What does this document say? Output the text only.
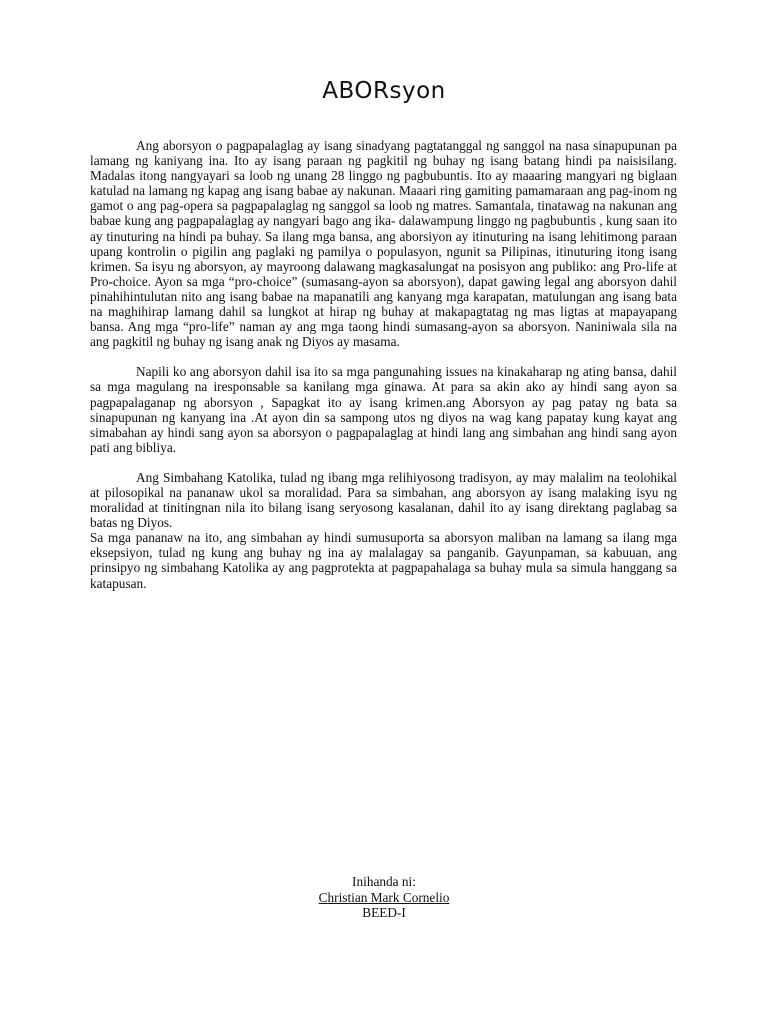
ABORsyon

Ang aborsyon o pagpapalaglag ay isang sinadyang pagtatanggal ng sanggol na nasa sinapupunan pa lamang ng kaniyang ina. Ito ay isang paraan ng pagkitil ng buhay ng isang batang hindi pa naisisilang. Madalas itong nangyayari sa loob ng unang 28 linggo ng pagbubuntis. Ito ay maaaring mangyari ng biglaan katulad na lamang ng kapag ang isang babae ay nakunan. Maaari ring gamiting pamamaraan ang pag-inom ng gamot o ang pag-opera sa pagpapalaglag ng sanggol sa loob ng matres. Samantala, tinatawag na nakunan ang babae kung ang pagpapalaglag ay nangyari bago ang ika- dalawampung linggo ng pagbubuntis , kung saan ito ay tinuturing na hindi pa buhay. Sa ilang mga bansa, ang aborsiyon ay itinuturing na isang lehitimong paraan upang kontrolin o pigilin ang paglaki ng pamilya o populasyon, ngunit sa Pilipinas, itinuturing itong isang krimen. Sa isyu ng aborsyon, ay mayroong dalawang magkasalungat na posisyon ang publiko: ang Pro-life at Pro-choice. Ayon sa mga “pro-choice” (sumasang-ayon sa aborsyon), dapat gawing legal ang aborsyon dahil pinahihintulutan nito ang isang babae na mapanatili ang kanyang mga karapatan, matulungan ang isang bata na maghihirap lamang dahil sa lungkot at hirap ng buhay at makapagtatag ng mas ligtas at mapayapang bansa. Ang mga “pro-life” naman ay ang mga taong hindi sumasang-ayon sa aborsyon. Naniniwala sila na ang pagkitil ng buhay ng isang anak ng Diyos ay masama.

Napili ko ang aborsyon dahil isa ito sa mga pangunahing issues na kinakaharap ng ating bansa, dahil sa mga magulang na iresponsable sa kanilang mga ginawa. At para sa akin ako ay hindi sang ayon sa pagpapalaganap ng aborsyon , Sapagkat ito ay isang krimen.ang Aborsyon ay pag patay ng bata sa sinapupunan ng kanyang ina .At ayon din sa sampong utos ng diyos na wag kang papatay kung kayat ang simabahan ay hindi sang ayon sa aborsyon o pagpapalaglag at hindi lang ang simbahan ang hindi sang ayon pati ang bibliya.

Ang Simbahang Katolika, tulad ng ibang mga relihiyosong tradisyon, ay may malalim na teolohikal at pilosopikal na pananaw ukol sa moralidad. Para sa simbahan, ang aborsyon ay isang malaking isyu ng moralidad at tinitingnan nila ito bilang isang seryosong kasalanan, dahil ito ay isang direktang paglabag sa batas ng Diyos.

Sa mga pananaw na ito, ang simbahan ay hindi sumusuporta sa aborsyon maliban na lamang sa ilang mga eksepsiyon, tulad ng kung ang buhay ng ina ay malalagay sa panganib. Gayunpaman, sa kabuuan, ang prinsipyo ng simbahang Katolika ay ang pagprotekta at pagpapahalaga sa buhay mula sa simula hanggang sa katapusan.

Inihanda ni:
Christian Mark Cornelio
BEED-I
